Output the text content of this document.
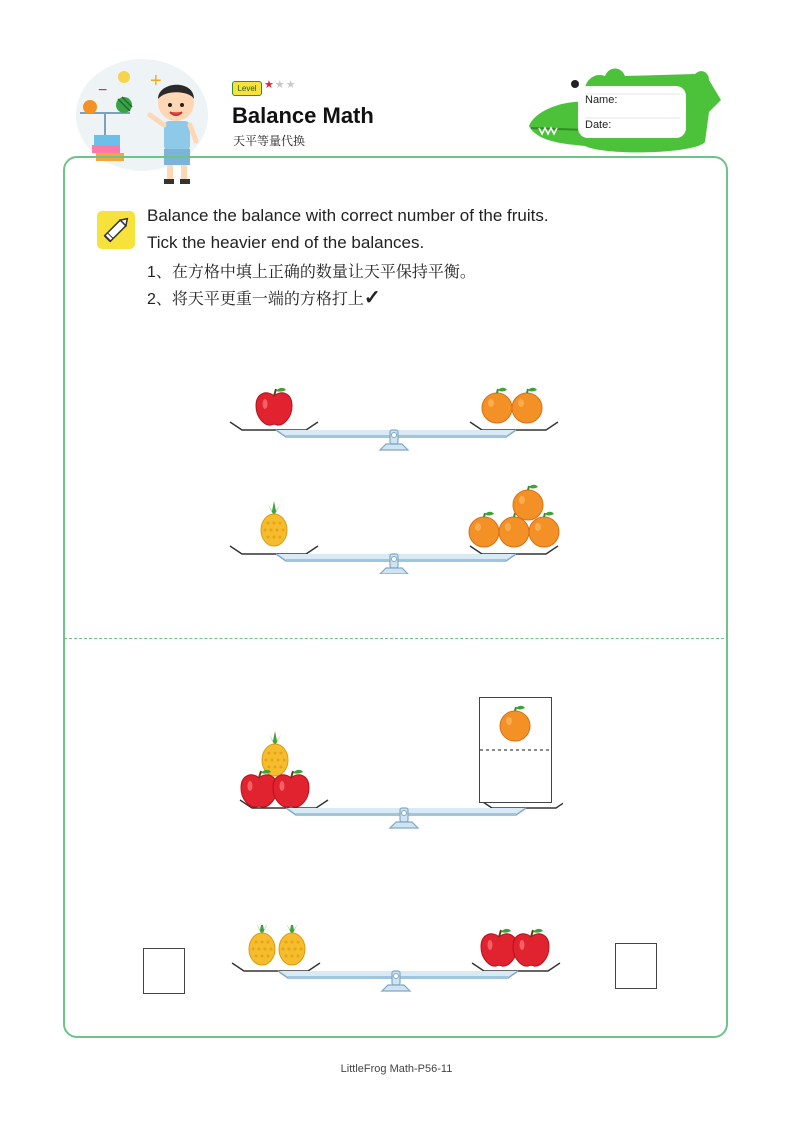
− +	Level ★★★
Balance Math
天平等量代换
Name:
Date:
Balance the balance with correct number of the fruits.
Tick the heavier end of the balances.
1、在方格中填上正确的数量让天平保持平衡。
2、将天平更重一端的方格打上✓
LittleFrog Math-P56-11
